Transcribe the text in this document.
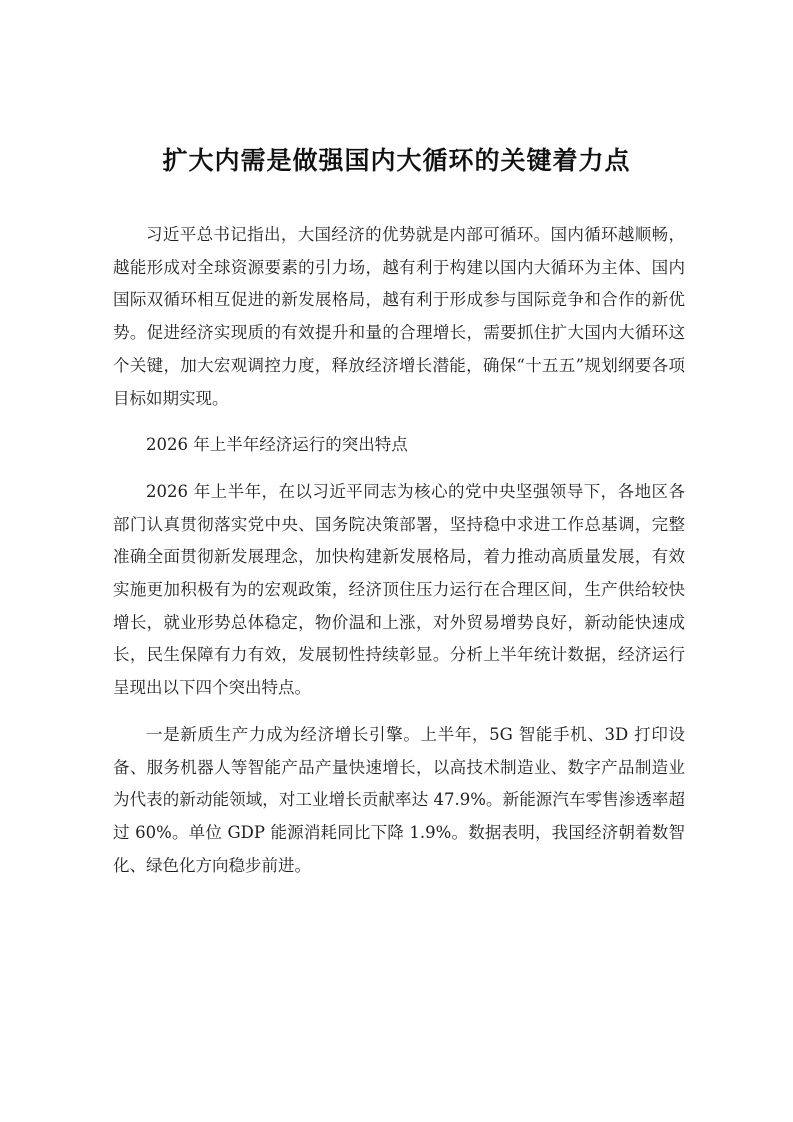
扩大内需是做强国内大循环的关键着力点

习近平总书记指出，大国经济的优势就是内部可循环。国内循环越顺畅，越能形成对全球资源要素的引力场，越有利于构建以国内大循环为主体、国内国际双循环相互促进的新发展格局，越有利于形成参与国际竞争和合作的新优势。促进经济实现质的有效提升和量的合理增长，需要抓住扩大国内大循环这个关键，加大宏观调控力度，释放经济增长潜能，确保“十五五”规划纲要各项目标如期实现。

2026 年上半年经济运行的突出特点

2026 年上半年，在以习近平同志为核心的党中央坚强领导下，各地区各部门认真贯彻落实党中央、国务院决策部署，坚持稳中求进工作总基调，完整准确全面贯彻新发展理念，加快构建新发展格局，着力推动高质量发展，有效实施更加积极有为的宏观政策，经济顶住压力运行在合理区间，生产供给较快增长，就业形势总体稳定，物价温和上涨，对外贸易增势良好，新动能快速成长，民生保障有力有效，发展韧性持续彰显。分析上半年统计数据，经济运行呈现出以下四个突出特点。

一是新质生产力成为经济增长引擎。上半年，5G 智能手机、3D 打印设备、服务机器人等智能产品产量快速增长，以高技术制造业、数字产品制造业为代表的新动能领域，对工业增长贡献率达 47.9%。新能源汽车零售渗透率超过 60%。单位 GDP 能源消耗同比下降 1.9%。数据表明，我国经济朝着数智化、绿色化方向稳步前进。
